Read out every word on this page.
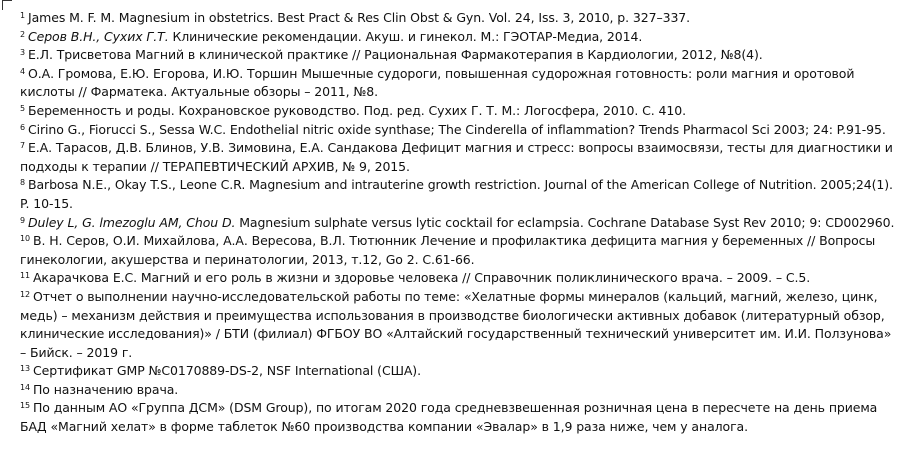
$^1$ James M. F. M. Magnesium in obstetrics. Best Pract & Res Clin Obst & Gyn. Vol. 24, Iss. 3, 2010, p. 327–337.

$^2$ Серов В.Н., Сухих Г.Т. Клинические рекомендации. Акуш. и гинекол. М.: ГЭОТАР-Медиа, 2014.

$^3$ Е.Л. Трисветова Магний в клинической практике // Рациональная Фармакотерапия в Кардиологии, 2012, №8(4).

$^4$ О.А. Громова, Е.Ю. Егорова, И.Ю. Торшин Мышечные судороги, повышенная судорожная готовность: роли магния и оротовой кислоты // Фарматека. Актуальные обзоры – 2011, №8.

$^5$ Беременность и роды. Кохрановское руководство. Под. ред. Сухих Г. Т. М.: Логосфера, 2010. С. 410.

$^6$ Cirino G., Fiorucci S., Sessa W.C. Endothelial nitric oxide synthase; The Cinderella of inflammation? Trends Pharmacol Sci 2003; 24: P.91-95.

$^7$ Е.А. Тарасов, Д.В. Блинов, У.В. Зимовина, Е.А. Сандакова Дефицит магния и стресс: вопросы взаимосвязи, тесты для диагностики и подходы к терапии // ТЕРАПЕВТИЧЕСКИЙ АРХИВ, № 9, 2015.

$^8$ Barbosa N.E., Okay T.S., Leone C.R. Magnesium and intrauterine growth restriction. Journal of the American College of Nutrition. 2005;24(1). P. 10-15.

$^9$ Duley L, G. lmezoglu AM, Chou D. Magnesium sulphate versus lytic cocktail for eclampsia. Cochrane Database Syst Rev 2010; 9: CD002960.

$^{10}$ В. Н. Серов, О.И. Михайлова, А.А. Вересова, В.Л. Тютюнник Лечение и профилактика дефицита магния у беременных // Вопросы гинекологии, акушерства и перинатологии, 2013, т.12, Go 2. С.61-66.

$^{11}$ Акарачкова Е.С. Магний и его роль в жизни и здоровье человека // Справочник поликлинического врача. – 2009. – С.5.

$^{12}$ Отчет о выполнении научно-исследовательской работы по теме: «Хелатные формы минералов (кальций, магний, железо, цинк, медь) – механизм действия и преимущества использования в производстве биологически активных добавок (литературный обзор, клинические исследования)» / БТИ (филиал) ФГБОУ ВО «Алтайский государственный технический университет им. И.И. Ползунова» – Бийск. – 2019 г.

$^{13}$ Сертификат GMP №С0170889-DS-2, NSF International (США).

$^{14}$ По назначению врача.

$^{15}$ По данным АО «Группа ДСМ» (DSM Group), по итогам 2020 года средневзвешенная розничная цена в пересчете на день приема БАД «Магний хелат» в форме таблеток №60 производства компании «Эвалар» в 1,9 раза ниже, чем у аналога.
